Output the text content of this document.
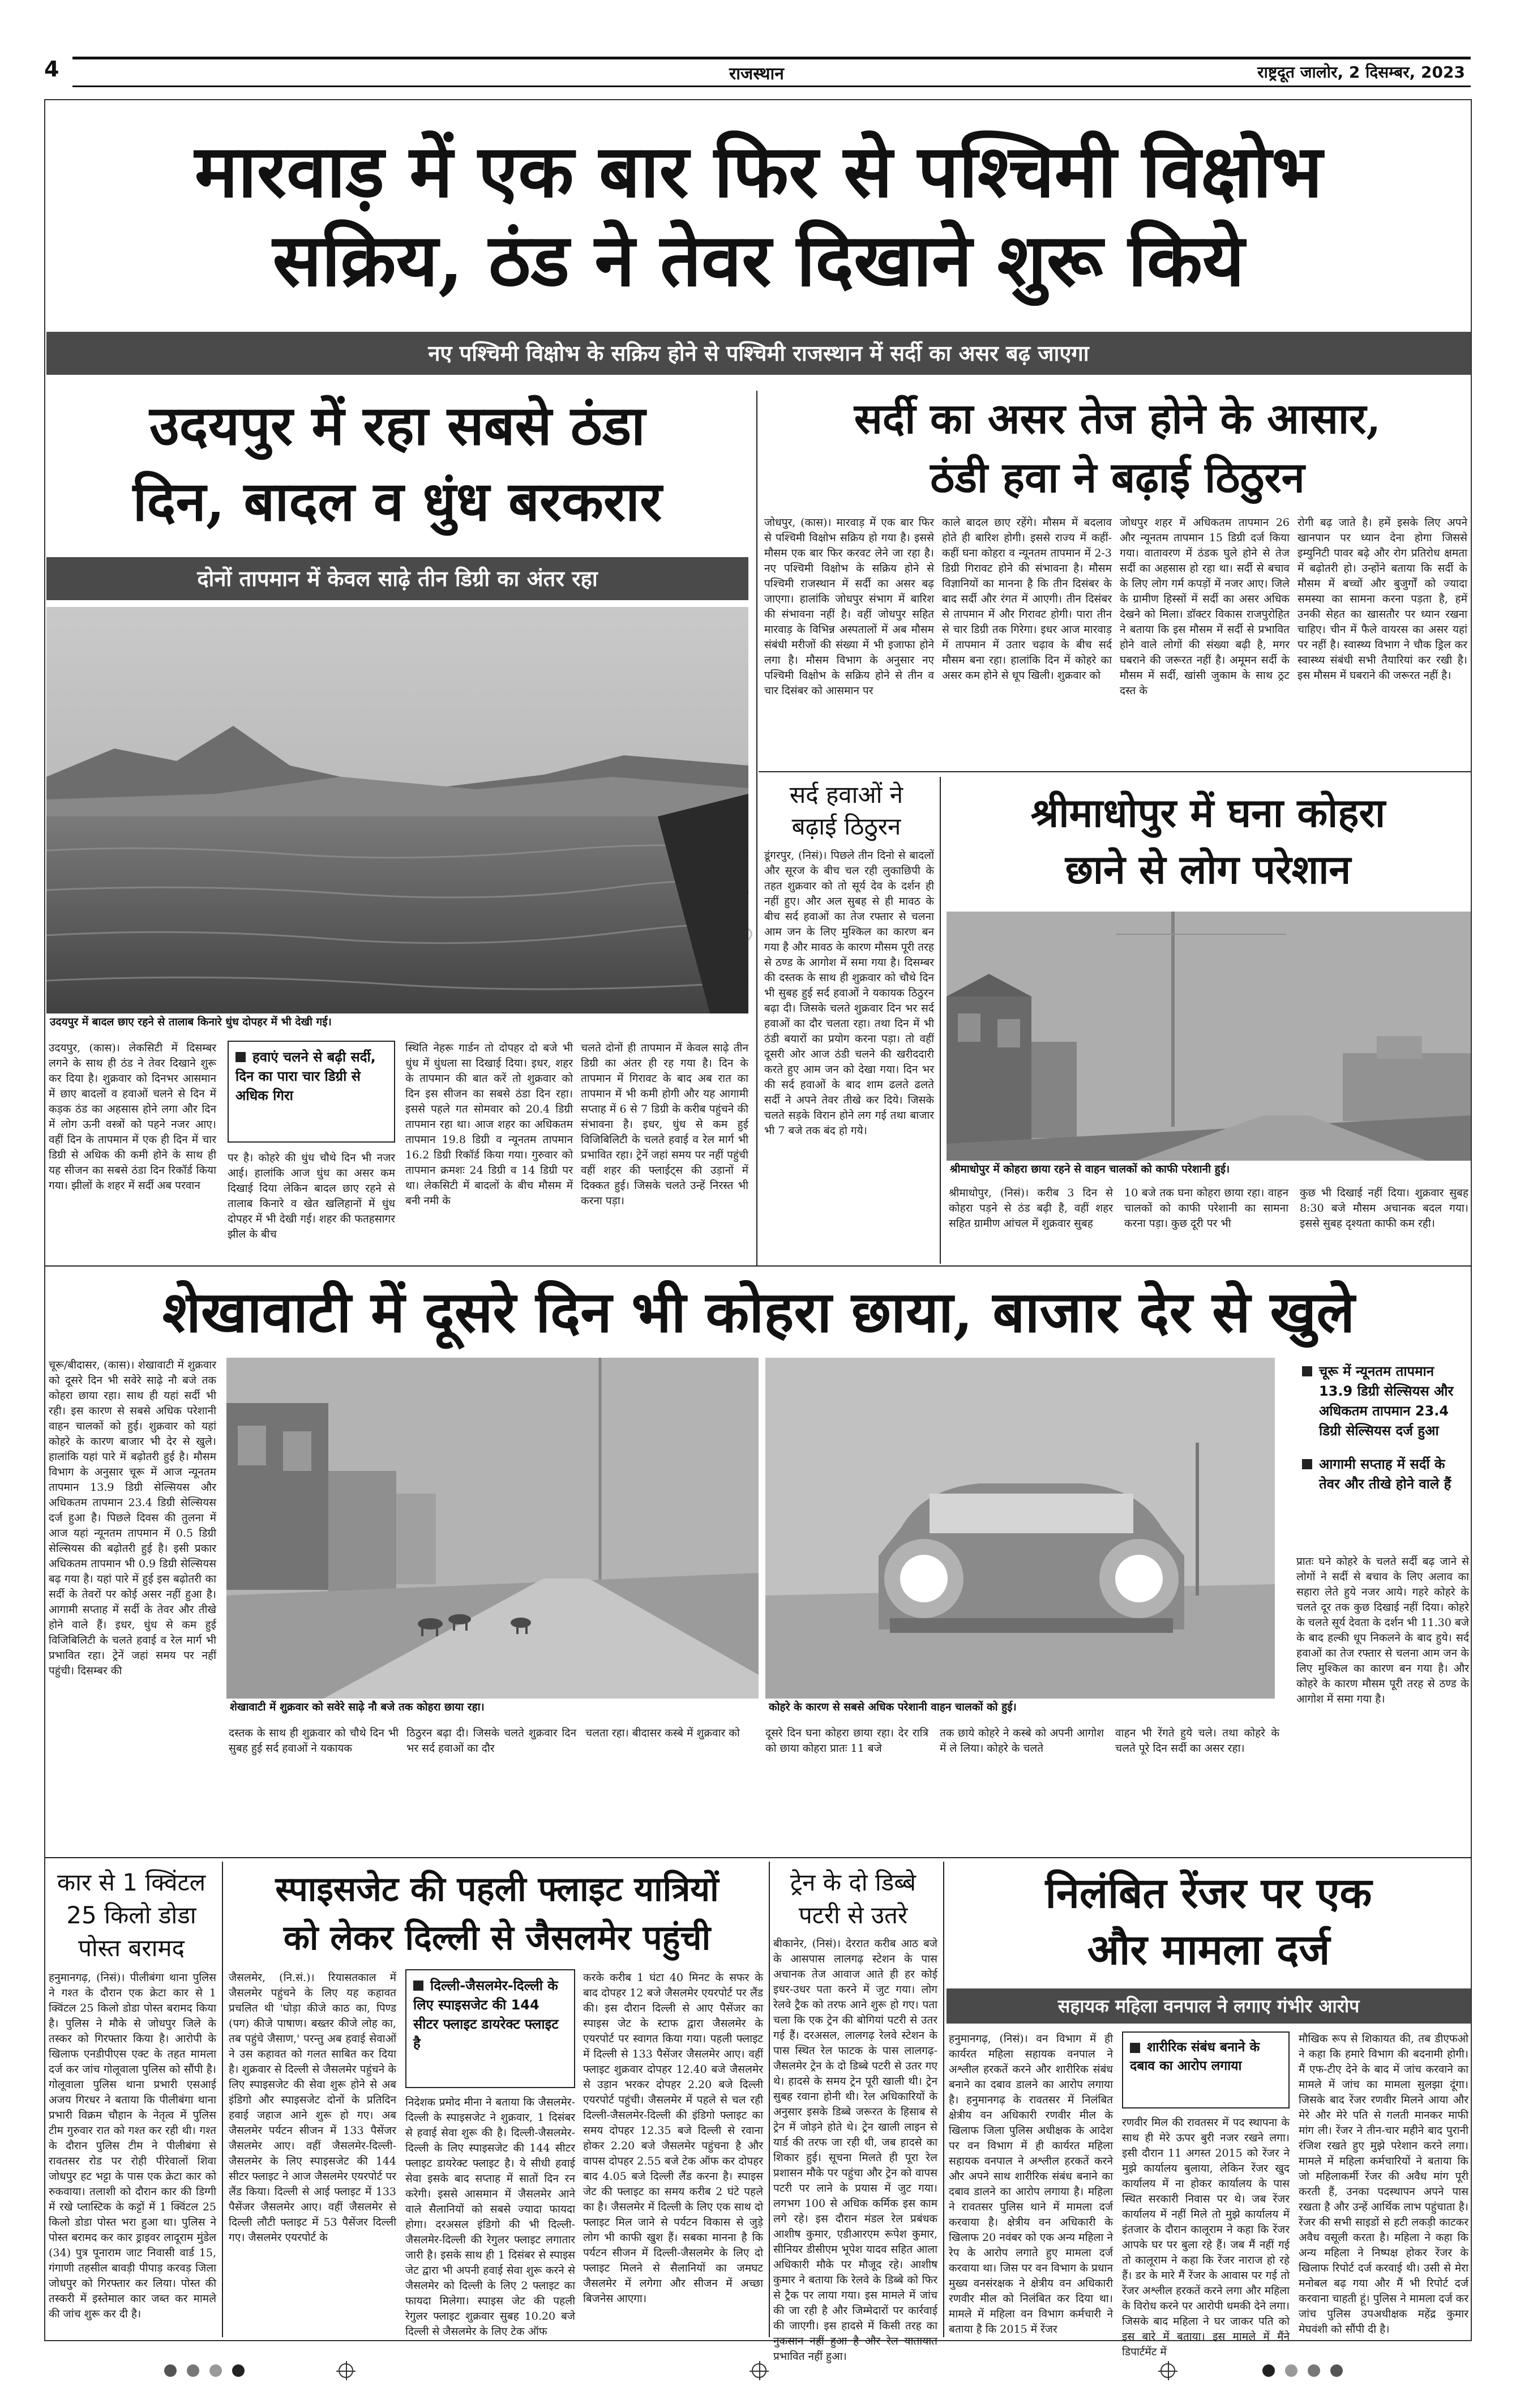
4	राजस्थान	राष्ट्रदूत जालोर, 2 दिसम्बर, 2023
मारवाड़ में एक बार फिर से पश्चिमी विक्षोभ
सक्रिय, ठंड ने तेवर दिखाने शुरू किये
नए पश्चिमी विक्षोभ के सक्रिय होने से पश्चिमी राजस्थान में सर्दी का असर बढ़ जाएगा
उदयपुर में रहा सबसे ठंडा
दिन, बादल व धुंध बरकरार
दोनों तापमान में केवल साढ़े तीन डिग्री का अंतर रहा
उदयपुर में बादल छाए रहने से तालाब किनारे धुंध दोपहर में भी देखी गई।
उदयपुर, (कास)। लेकसिटी में दिसम्बर लगने के साथ ही ठंड ने तेवर दिखाने शुरू कर दिया है। शुक्रवार को दिनभर आसमान में छाए बादलों व हवाओं चलने से दिन में कड़क ठंड का अहसास होने लगा और दिन में लोग ऊनी वस्त्रों को पहने नजर आए। वहीं दिन के तापमान में एक ही दिन में चार डिग्री से अधिक की कमी होने के साथ ही यह सीजन का सबसे ठंडा दिन रिकॉर्ड किया गया। झीलों के शहर में सर्दी अब परवान
हवाएं चलने से बढ़ी सर्दी, दिन का पारा चार डिग्री से अधिक गिरा
पर है। कोहरे की धुंध चौथे दिन भी नजर आई। हालांकि आज धुंध का असर कम दिखाई दिया लेकिन बादल छाए रहने से तालाब किनारे व खेत खलिहानों में धुंध दोपहर में भी देखी गई। शहर की फतहसागर झील के बीच
स्थिति नेहरू गार्डन तो दोपहर दो बजे भी धुंध में धुंधला सा दिखाई दिया। इधर, शहर के तापमान की बात करें तो शुक्रवार को दिन इस सीजन का सबसे ठंडा दिन रहा। इससे पहले गत सोमवार को 20.4 डिग्री तापमान रहा था। आज शहर का अधिकतम तापमान 19.8 डिग्री व न्यूनतम तापमान 16.2 डिग्री रिकॉर्ड किया गया। गुरुवार को तापमान क्रमशः 24 डिग्री व 14 डिग्री पर था। लेकसिटी में बादलों के बीच मौसम में बनी नमी के
चलते दोनों ही तापमान में केवल साढ़े तीन डिग्री का अंतर ही रह गया है। दिन के तापमान में गिरावट के बाद अब रात का तापमान में भी कमी होगी और यह आगामी सप्ताह में 6 से 7 डिग्री के करीब पहुंचने की संभावना है। इधर, धुंध से कम हुई विजिबिलिटी के चलते हवाई व रेल मार्ग भी प्रभावित रहा। ट्रेनें जहां समय पर नहीं पहुंची वहीं शहर की फ्लाईट्स की उड़ानों में दिक्कत हुई। जिसके चलते उन्हें निरस्त भी करना पड़ा।
सर्दी का असर तेज होने के आसार,
ठंडी हवा ने बढ़ाई ठिठुरन
जोधपुर, (कास)। मारवाड़ में एक बार फिर से पश्चिमी विक्षोभ सक्रिय हो गया है। इससे मौसम एक बार फिर करवट लेने जा रहा है। नए पश्चिमी विक्षोभ के सक्रिय होने से पश्चिमी राजस्थान में सर्दी का असर बढ़ जाएगा। हालांकि जोधपुर संभाग में बारिश की संभावना नहीं है। वहीं जोधपुर सहित मारवाड़ के विभिन्न अस्पतालों में अब मौसम संबंधी मरीजों की संख्या में भी इजाफा होने लगा है। मौसम विभाग के अनुसार नए पश्चिमी विक्षोभ के सक्रिय होने से तीन व चार दिसंबर को आसमान पर
काले बादल छाए रहेंगे। मौसम में बदलाव होते ही बारिश होगी। इससे राज्य में कहीं-कहीं घना कोहरा व न्यूनतम तापमान में 2-3 डिग्री गिरावट होने की संभावना है। मौसम विज्ञानियों का मानना है कि तीन दिसंबर के बाद सर्दी और रंगत में आएगी। तीन दिसंबर से तापमान में और गिरावट होगी। पारा तीन से चार डिग्री तक गिरेगा। इधर आज मारवाड़ में तापमान में उतार चढ़ाव के बीच सर्द मौसम बना रहा। हालांकि दिन में कोहरे का असर कम होने से धूप खिली। शुक्रवार को
जोधपुर शहर में अधिकतम तापमान 26 और न्यूनतम तापमान 15 डिग्री दर्ज किया गया। वातावरण में ठंडक घुले होने से तेज सर्दी का अहसास हो रहा था। सर्दी से बचाव के लिए लोग गर्म कपड़ों में नजर आए। जिले के ग्रामीण हिस्सों में सर्दी का असर अधिक देखने को मिला। डॉक्टर विकास राजपुरोहित ने बताया कि इस मौसम में सर्दी से प्रभावित होने वाले लोगों की संख्या बढ़ी है, मगर घबराने की जरूरत नहीं है। अमूमन सर्दी के मौसम में सर्दी, खांसी जुकाम के साथ ठ्रट दस्त के
रोगी बढ़ जाते है। हमें इसके लिए अपने खानपान पर ध्यान देना होगा जिससे इम्युनिटी पावर बढ़े और रोग प्रतिरोध क्षमता में बढ़ोतरी हो। उन्होंने बताया कि सर्दी के मौसम में बच्चों और बुजुर्गों को ज्यादा समस्या का सामना करना पड़ता है, हमें उनकी सेहत का खासतौर पर ध्यान रखना चाहिए। चीन में फैले वायरस का असर यहां पर नहीं है। स्वास्थ्य विभाग ने चौक ड्रिल कर स्वास्थ्य संबंधी सभी तैयारियां कर रखी है। इस मौसम में घबराने की जरूरत नहीं है।
सर्द हवाओं ने
बढ़ाई ठिठुरन
डूंगरपुर, (निसं)। पिछले तीन दिनो से बादलों और सूरज के बीच चल रही लुकाछिपी के तहत शुक्रवार को तो सूर्य देव के दर्शन ही नहीं हुए। और अल सुबह से ही मावठ के बीच सर्द हवाओं का तेज रफ्तार से चलना आम जन के लिए मुश्किल का कारण बन गया है और मावठ के कारण मौसम पूरी तरह से ठण्ड के आगोश में समा गया है। दिसम्बर की दस्तक के साथ ही शुक्रवार को चौथे दिन भी सुबह हुई सर्द हवाओं ने यकायक ठिठुरन बढ़ा दी। जिसके चलते शुक्रवार दिन भर सर्द हवाओं का दौर चलता रहा। तथा दिन में भी ठंडी बयारों का प्रयोग करना पड़ा। तो वहीं दूसरी ओर आज ठंडी चलने की खरीददारी करते हुए आम जन को देखा गया। दिन भर की सर्द हवाओं के बाद शाम ढलते ढलते सर्दी ने अपने तेवर तीखे कर दिये। जिसके चलते सड़के विरान होने लग गई तथा बाजार भी 7 बजे तक बंद हो गये।
श्रीमाधोपुर में घना कोहरा
छाने से लोग परेशान
श्रीमाधोपुर में कोहरा छाया रहने से वाहन चालकों को काफी परेशानी हुई।
श्रीमाधोपुर, (निसं)। करीब 3 दिन से कोहरा पड़ने से ठंड बढ़ी है, वहीं शहर सहित ग्रामीण आंचल में शुक्रवार सुबह
10 बजे तक घना कोहरा छाया रहा। वाहन चालकों को काफी परेशानी का सामना करना पड़ा। कुछ दूरी पर भी
कुछ भी दिखाई नहीं दिया। शुक्रवार सुबह 8:30 बजे मौसम अचानक बदल गया। इससे सुबह दृश्यता काफी कम रही।
शेखावाटी में दूसरे दिन भी कोहरा छाया, बाजार देर से खुले
चूरू/बीदासर, (कास)। शेखावाटी में शुक्रवार को दूसरे दिन भी सवेरे साढ़े नौ बजे तक कोहरा छाया रहा। साथ ही यहां सर्दी भी रही। इस कारण से सबसे अधिक परेशानी वाहन चालकों को हुई। शुक्रवार को यहां कोहरे के कारण बाजार भी देर से खुले। हालांकि यहां पारे में बढ़ोतरी हुई है। मौसम विभाग के अनुसार चूरू में आज न्यूनतम तापमान 13.9 डिग्री सेल्सियस और अधिकतम तापमान 23.4 डिग्री सेल्सियस दर्ज हुआ है। पिछले दिवस की तुलना में आज यहां न्यूनतम तापमान में 0.5 डिग्री सेल्सियस की बढ़ोतरी हुई है। इसी प्रकार अधिकतम तापमान भी 0.9 डिग्री सेल्सियस बढ़ गया है। यहां पारे में हुई इस बढ़ोतरी का सर्दी के तेवरों पर कोई असर नहीं हुआ है। आगामी सप्ताह में सर्दी के तेवर और तीखे होने वाले हैं। इधर, धुंध से कम हुई विजिबिलिटी के चलते हवाई व रेल मार्ग भी प्रभावित रहा। ट्रेनें जहां समय पर नहीं पहुंची। दिसम्बर की
शेखावाटी में शुक्रवार को सवेरे साढ़े नौ बजे तक कोहरा छाया रहा।	कोहरे के कारण से सबसे अधिक परेशानी वाहन चालकों को हुई।
चूरू में न्यूनतम तापमान 13.9 डिग्री सेल्सियस और अधिकतम तापमान 23.4 डिग्री सेल्सियस दर्ज हुआ
आगामी सप्ताह में सर्दी के तेवर और तीखे होने वाले हैं
प्रातः घने कोहरे के चलते सर्दी बढ़ जाने से लोगों ने सर्दी से बचाव के लिए अलाव का सहारा लेते हुये नजर आये। गहरे कोहरे के चलते दूर तक कुछ दिखाई नहीं दिया। कोहरे के चलते सूर्य देवता के दर्शन भी 11.30 बजे के बाद हल्की धूप निकलने के बाद हुये। सर्द हवाओं का तेज रफ्तार से चलना आम जन के लिए मुश्किल का कारण बन गया है। और कोहरे के कारण मौसम पूरी तरह से ठण्ड के आगोश में समा गया है।
दस्तक के साथ ही शुक्रवार को चौथे दिन भी सुबह हुई सर्द हवाओं ने यकायक
ठिठुरन बढ़ा दी। जिसके चलते शुक्रवार दिन भर सर्द हवाओं का दौर
चलता रहा। बीदासर कस्बे में शुक्रवार को	दूसरे दिन घना कोहरा छाया रहा। देर रात्रि को छाया कोहरा प्रातः 11 बजे
तक छाये कोहरे ने कस्बे को अपनी आगोश में ले लिया। कोहरे के चलते
वाहन भी रेंगते हुये चले। तथा कोहरे के चलते पूरे दिन सर्दी का असर रहा।
कार से 1 क्विंटल
25 किलो डोडा
पोस्त बरामद
हनुमानगढ़, (निसं)। पीलीबंगा थाना पुलिस ने गश्त के दौरान एक क्रेटा कार से 1 क्विंटल 25 किलो डोडा पोस्त बरामद किया है। पुलिस ने मौके से जोधपुर जिले के तस्कर को गिरफ्तार किया है। आरोपी के खिलाफ एनडीपीएस एक्ट के तहत मामला दर्ज कर जांच गोलूवाला पुलिस को सौंपी है। गोलूवाला पुलिस थाना प्रभारी एसआई अजय गिरधर ने बताया कि पीलीबंगा थाना प्रभारी विक्रम चौहान के नेतृत्व में पुलिस टीम गुरुवार रात को गश्त कर रही थी। गश्त के दौरान पुलिस टीम ने पीलीबंगा से रावतसर रोड पर रोही पीरेवालों शिवा जोधपुर हट भट्टा के पास एक क्रेटा कार को रुकवाया। तलाशी को दौरान कार की डिग्गी में रखे प्लास्टिक के कट्टों में 1 क्विंटल 25 किलो डोडा पोस्त भरा हुआ था। पुलिस ने पोस्त बरामद कर कार ड्राइवर लादूराम मुंडेल (34) पुत्र पूनाराम जाट निवासी वार्ड 15, गंगाणी तहसील बावड़ी पीपाड़ करवड़ जिला जोधपुर को गिरफ्तार कर लिया। पोस्त की तस्करी में इस्तेमाल कार जब्त कर मामले की जांच शुरू कर दी है।
स्पाइसजेट की पहली फ्लाइट यात्रियों
को लेकर दिल्ली से जैसलमेर पहुंची
जैसलमेर, (नि.सं.)। रियासतकाल में जैसलमेर पहुंचने के लिए यह कहावत प्रचलित थी 'घोड़ा कीजे काठ का, पिण्ड (पग) कीजे पाषाण। बख्तर कीजे लोह का, तब पहुंचे जैसाण,' परन्तु अब हवाई सेवाओं ने उस कहावत को गलत साबित कर दिया है। शुक्रवार से दिल्ली से जैसलमेर पहुंचने के लिए स्पाइसजेट की सेवा शुरू होने से अब इंडिगो और स्पाइसजेट दोनों के प्रतिदिन हवाई जहाज आने शुरू हो गए। अब जैसलमेर पर्यटन सीजन में 133 पैसेंजर जैसलमेर आए। वहीं जैसलमेर-दिल्ली-जैसलमेर के लिए स्पाइसजेट की 144 सीटर फ्लाइट ने आज जैसलमेर एयरपोर्ट पर लैंड किया। दिल्ली से आई फ्लाइट में 133 पैसेंजर जैसलमेर आए। वहीं जैसलमेर से दिल्ली लौटी फ्लाइट में 53 पैसेंजर दिल्ली गए। जैसलमेर एयरपोर्ट के
दिल्ली-जैसलमेर-दिल्ली के लिए स्पाइसजेट की 144 सीटर फ्लाइट डायरेक्ट फ्लाइट है
निदेशक प्रमोद मीना ने बताया कि जैसलमेर-दिल्ली के स्पाइसजेट ने शुक्रवार, 1 दिसंबर से हवाई सेवा शुरू की है। दिल्ली-जैसलमेर-दिल्ली के लिए स्पाइसजेट की 144 सीटर फ्लाइट डायरेक्ट फ्लाइट है। ये सीधी हवाई सेवा इसके बाद सप्ताह में सातों दिन रन करेगी। इससे आसमान में जैसलमेर आने वाले सैलानियों को सबसे ज्यादा फायदा होगा। दरअसल इंडिगो की भी दिल्ली-जैसलमेर-दिल्ली की रेगुलर फ्लाइट लगातार जारी है। इसके साथ ही 1 दिसंबर से स्पाइस जेट द्वारा भी अपनी हवाई सेवा शुरू करने से जैसलमेर को दिल्ली के लिए 2 फ्लाइट का फायदा मिलेगा। स्पाइस जेट की पहली रेगुलर फ्लाइट शुक्रवार सुबह 10.20 बजे दिल्ली से जैसलमेर के लिए टेक ऑफ
करके करीब 1 घंटा 40 मिनट के सफर के बाद दोपहर 12 बजे जैसलमेर एयरपोर्ट पर लैंड की। इस दौरान दिल्ली से आए पैसेंजर का स्पाइस जेट के स्टाफ द्वारा जैसलमेर के एयरपोर्ट पर स्वागत किया गया। पहली फ्लाइट में दिल्ली से 133 पैसेंजर जैसलमेर आए। वहीं फ्लाइट शुक्रवार दोपहर 12.40 बजे जैसलमेर से उड़ान भरकर दोपहर 2.20 बजे दिल्ली एयरपोर्ट पहुंची। जैसलमेर में पहले से चल रही दिल्ली-जैसलमेर-दिल्ली की इंडिगो फ्लाइट का समय दोपहर 12.35 बजे दिल्ली से रवाना होकर 2.20 बजे जैसलमेर पहुंचना है और वापस दोपहर 2.55 बजे टेक ऑफ कर दोपहर बाद 4.05 बजे दिल्ली लैंड करना है। स्पाइस जेट की फ्लाइट का समय करीब 2 घंटे पहले का है। जैसलमेर में दिल्ली के लिए एक साथ दो फ्लाइट मिल जाने से पर्यटन विकास से जुड़े लोग भी काफी खुश हैं। सबका मानना है कि पर्यटन सीजन में दिल्ली-जैसलमेर के लिए दो फ्लाइट मिलने से सैलानियों का जमघट जैसलमेर में लगेगा और सीजन में अच्छा बिजनेस आएगा।
ट्रेन के दो डिब्बे
पटरी से उतरे
बीकानेर, (निसं)। देररात करीब आठ बजे के आसपास लालगढ़ स्टेशन के पास अचानक तेज आवाज आते ही हर कोई इधर-उधर पता करने में जुट गया। लोग रेलवे ट्रैक को तरफ आने शुरू हो गए। पता चला कि एक ट्रेन की बोगियां पटरी से उतर गई हैं। दरअसल, लालगढ़ रेलवे स्टेशन के पास स्थित रेल फाटक के पास लालगढ़-जैसलमेर ट्रेन के दो डिब्बे पटरी से उतर गए थे। हादसे के समय ट्रेन पूरी खाली थी। ट्रेन सुबह रवाना होनी थी। रेल अधिकारियों के अनुसार इसके डिब्बे जरूरत के हिसाब से ट्रेन में जोड़ने होते थे। ट्रेन खाली लाइन से यार्ड की तरफ जा रही थी, जब हादसे का शिकार हुई। सूचना मिलते ही पूरा रेल प्रशासन मौके पर पहुंचा और ट्रेन को वापस पटरी पर लाने के प्रयास में जुट गया। लगभग 100 से अधिक कर्मिक इस काम लगे रहे। इस दौरान मंडल रेल प्रबंधक आशीष कुमार, एडीआरएम रूपेश कुमार, सीनियर डीसीएम भूपेश यादव सहित आला अधिकारी मौके पर मौजूद रहे। आशीष कुमार ने बताया कि रेलवे के डिब्बे को फिर से ट्रैक पर लाया गया। इस मामले में जांच की जा रही है और जिम्मेदारों पर कार्रवाई की जाएगी। इस हादसे में किसी तरह का नुकसान नहीं हुआ है और रेल यातायात प्रभावित नहीं हुआ।
निलंबित रेंजर पर एक
और मामला दर्ज
सहायक महिला वनपाल ने लगाए गंभीर आरोप
हनुमानगढ़, (निसं)। वन विभाग में ही कार्यरत महिला सहायक वनपाल ने अश्लील हरकतें करने और शारीरिक संबंध बनाने का दबाव डालने का आरोप लगाया है। हनुमानगढ़ के रावतसर में निलंबित क्षेत्रीय वन अधिकारी रणवीर मील के खिलाफ जिला पुलिस अधीक्षक के आदेश पर वन विभाग में ही कार्यरत महिला सहायक वनपाल ने अश्लील हरकतें करने और अपने साथ शारीरिक संबंध बनाने का दबाव डालने का आरोप लगाया है। महिला ने रावतसर पुलिस थाने में मामला दर्ज करवाया है। क्षेत्रीय वन अधिकारी के खिलाफ 20 नवंबर को एक अन्य महिला ने रेप के आरोप लगाते हुए मामला दर्ज करवाया था। जिस पर वन विभाग के प्रधान मुख्य वनसंरक्षक ने क्षेत्रीय वन अधिकारी रणवीर मील को निलंबित कर दिया था। मामले में महिला वन विभाग कर्मचारी ने बताया है कि 2015 में रेंजर
शारीरिक संबंध बनाने के दबाव का आरोप लगाया
रणवीर मिल की रावतसर में पद स्थापना के साथ ही मेरे ऊपर बुरी नजर रखने लगा। इसी दौरान 11 अगस्त 2015 को रेंजर ने मुझे कार्यालय बुलाया, लेकिन रेंजर खुद कार्यालय में ना होकर कार्यालय के पास स्थित सरकारी निवास पर थे। जब रेंजर कार्यालय में नहीं मिले तो मुझे कार्यालय में इंतजार के दौरान कालूराम ने कहा कि रेंजर आपके घर पर बुला रहे हैं। जब मैं नहीं गई तो कालूराम ने कहा कि रेंजर नाराज हो रहे हैं। डर के मारे मैं रेंजर के आवास पर गई तो रेंजर अश्लील हरकतें करने लगा और महिला के विरोध करने पर आरोपी धमकी देने लगा। जिसके बाद महिला ने घर जाकर पति को इस बारे में बताया। इस मामले में मैंने डिपार्टमेंट में
मौखिक रूप से शिकायत की, तब डीएफओ ने कहा कि हमारे विभाग की बदनामी होगी। मैं एफ-टीए देने के बाद में जांच करवाने का मामले में जांच का मामला सुलझा दूंगा। जिसके बाद रेंजर रणवीर मिलने आया और मेरे और मेरे पति से गलती मानकर माफी मांग ली। रेंजर ने तीन-चार महीने बाद पुरानी रंजिश रखते हुए मुझे परेशान करने लगा। मामले में महिला कर्मचारियों ने बताया कि जो महिलाकर्मी रेंजर की अवैध मांग पूरी करती हैं, उनका पदस्थापन अपने पास रखता है और उन्हें आर्थिक लाभ पहुंचाता है। रेंजर की सभी साइडों से हटी लकड़ी काटकर अवैध वसूली करता है। महिला ने कहा कि अन्य महिला ने निष्पक्ष होकर रेंजर के खिलाफ रिपोर्ट दर्ज करवाई थी। उसी से मेरा मनोबल बढ़ गया और मैं भी रिपोर्ट दर्ज करवाना चाहती हूं। पुलिस ने मामला दर्ज कर जांच पुलिस उपअधीक्षक महेंद्र कुमार मेघवंशी को सौंपी दी है।
